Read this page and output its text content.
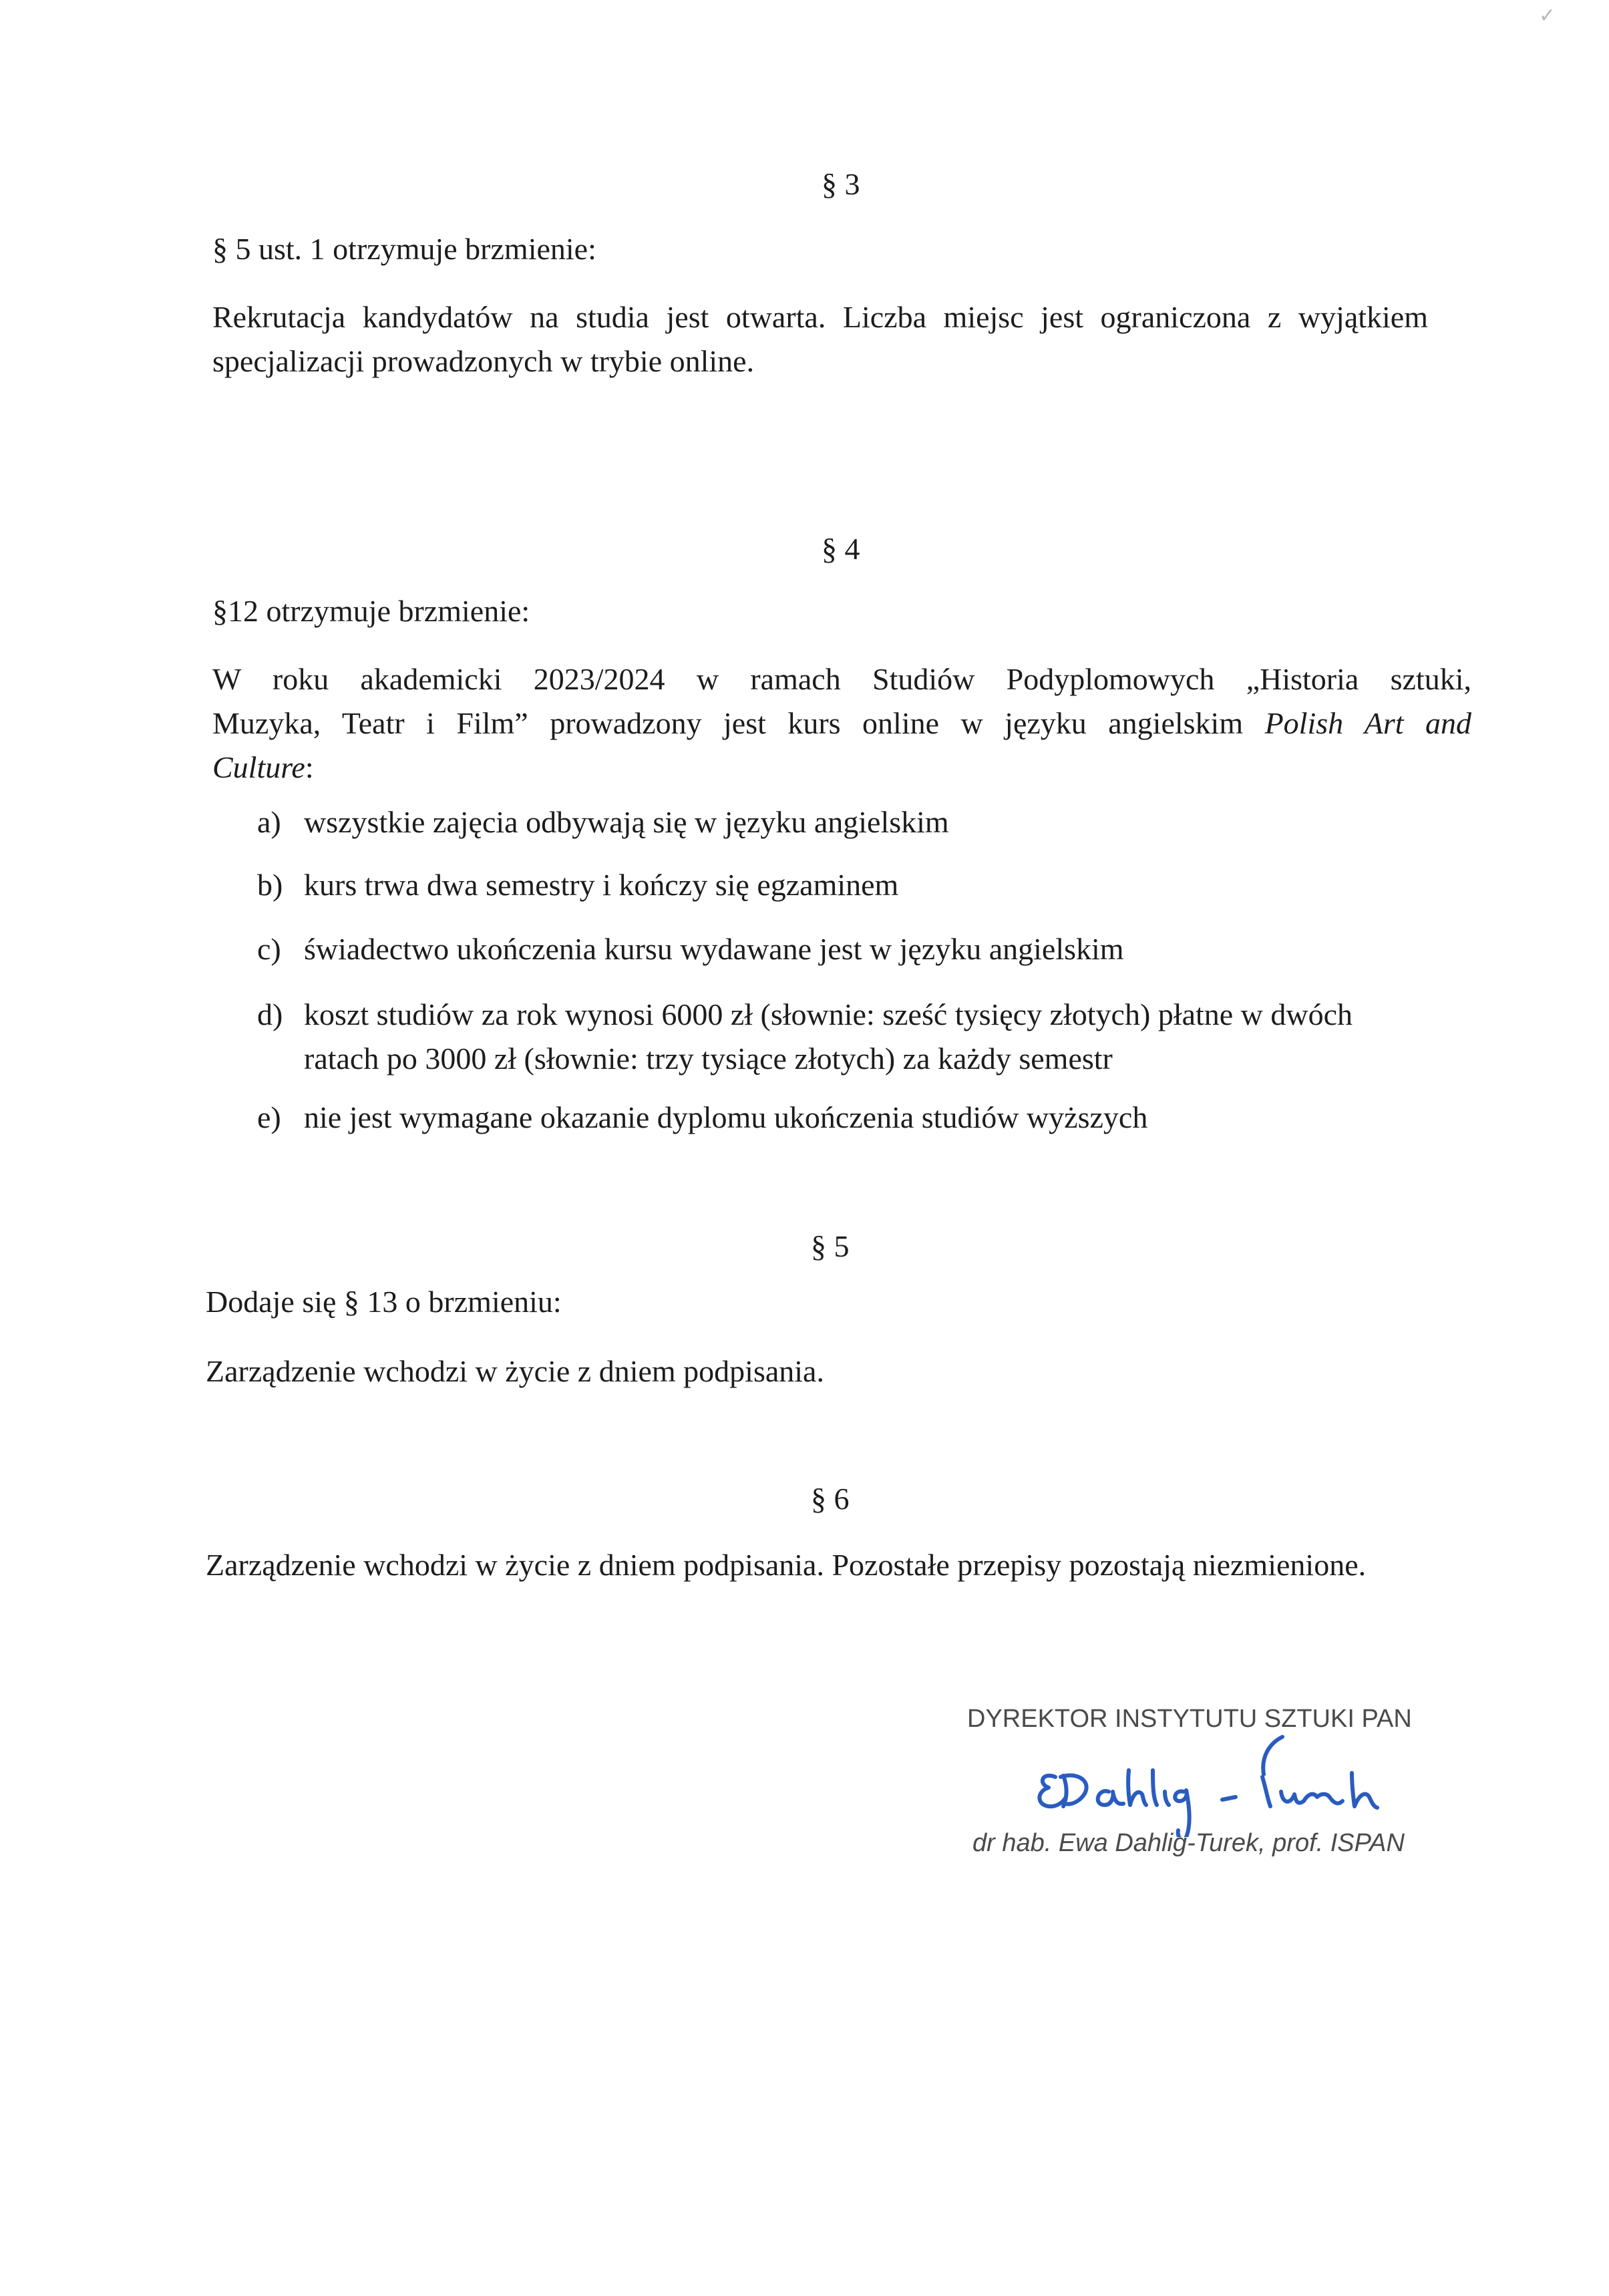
✓
§ 3
§ 5 ust. 1 otrzymuje brzmienie:
Rekrutacja kandydatów na studia jest otwarta. Liczba miejsc jest ograniczona z wyjątkiem specjalizacji prowadzonych w trybie online.
§ 4
§12 otrzymuje brzmienie:
W roku akademicki 2023/2024 w ramach Studiów Podyplomowych „Historia sztuki,
Muzyka, Teatr i Film” prowadzony jest kurs online w języku angielskim Polish Art and
Culture:
a) wszystkie zajęcia odbywają się w języku angielskim
b) kurs trwa dwa semestry i kończy się egzaminem
c) świadectwo ukończenia kursu wydawane jest w języku angielskim
d) koszt studiów za rok wynosi 6000 zł (słownie: sześć tysięcy złotych) płatne w dwóch
ratach po 3000 zł (słownie: trzy tysiące złotych) za każdy semestr
e) nie jest wymagane okazanie dyplomu ukończenia studiów wyższych
§ 5
Dodaje się § 13 o brzmieniu:
Zarządzenie wchodzi w życie z dniem podpisania.
§ 6
Zarządzenie wchodzi w życie z dniem podpisania. Pozostałe przepisy pozostają niezmienione.
DYREKTOR INSTYTUTU SZTUKI PAN
dr hab. Ewa Dahlig-Turek, prof. ISPAN
